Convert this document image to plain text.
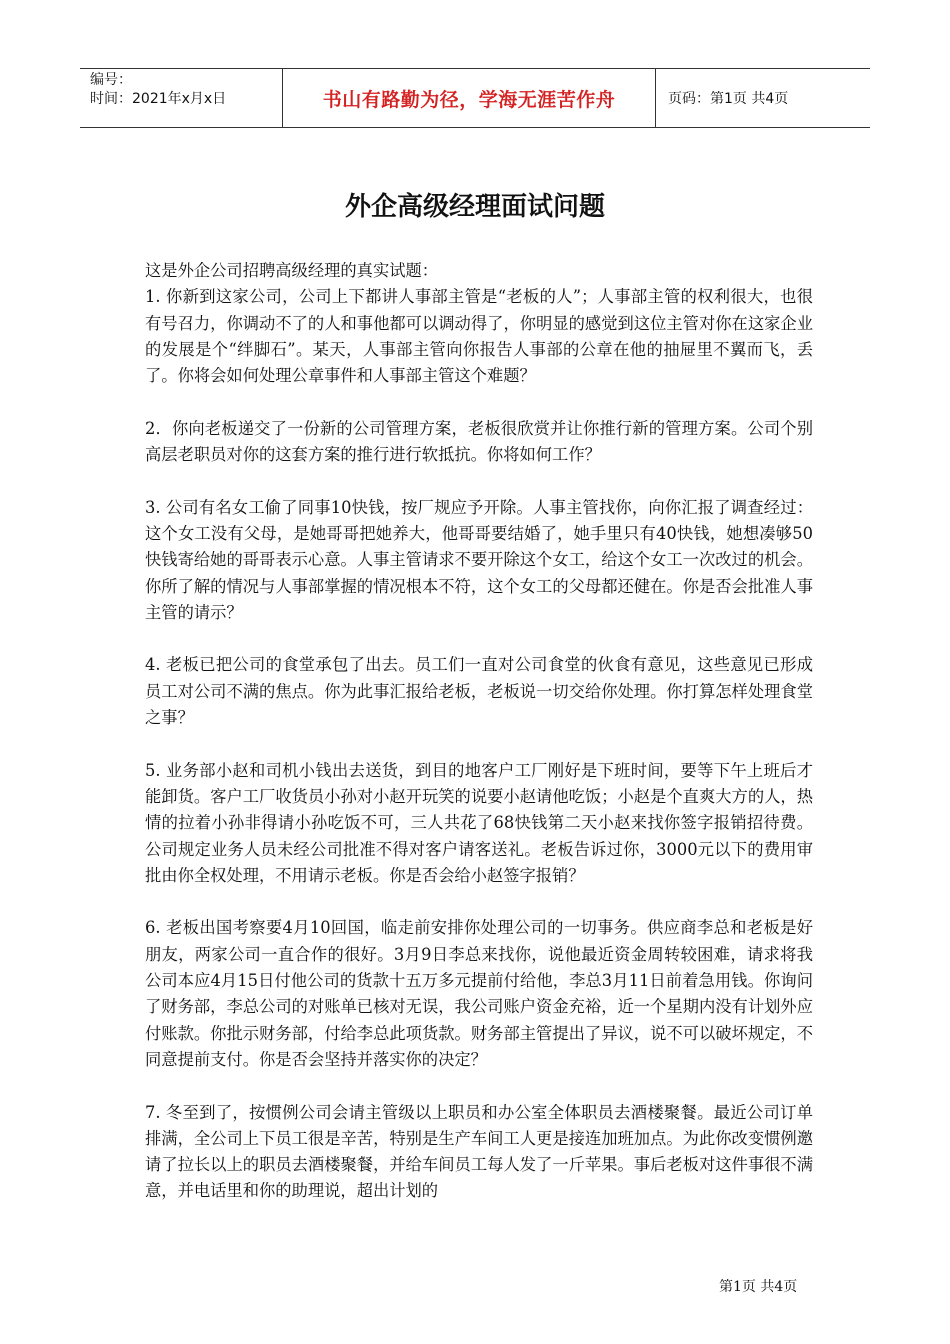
编号：
时间：2021年x月x日	书山有路勤为径，学海无涯苦作舟	页码：第1页 共4页
外企高级经理面试问题

这是外企公司招聘高级经理的真实试题：

1. 你新到这家公司，公司上下都讲人事部主管是“老板的人”；人事部主管的权利很大，也很有号召力，你调动不了的人和事他都可以调动得了，你明显的感觉到这位主管对你在这家企业的发展是个“绊脚石”。某天，人事部主管向你报告人事部的公章在他的抽屉里不翼而飞，丢了。你将会如何处理公章事件和人事部主管这个难题？

2．你向老板递交了一份新的公司管理方案，老板很欣赏并让你推行新的管理方案。公司个别高层老职员对你的这套方案的推行进行软抵抗。你将如何工作？

3. 公司有名女工偷了同事10快钱，按厂规应予开除。人事主管找你，向你汇报了调查经过：这个女工没有父母，是她哥哥把她养大，他哥哥要结婚了，她手里只有40快钱，她想凑够50快钱寄给她的哥哥表示心意。人事主管请求不要开除这个女工，给这个女工一次改过的机会。你所了解的情况与人事部掌握的情况根本不符，这个女工的父母都还健在。你是否会批准人事主管的请示？

4. 老板已把公司的食堂承包了出去。员工们一直对公司食堂的伙食有意见，这些意见已形成员工对公司不满的焦点。你为此事汇报给老板，老板说一切交给你处理。你打算怎样处理食堂之事？

5. 业务部小赵和司机小钱出去送货，到目的地客户工厂刚好是下班时间，要等下午上班后才能卸货。客户工厂收货员小孙对小赵开玩笑的说要小赵请他吃饭；小赵是个直爽大方的人，热情的拉着小孙非得请小孙吃饭不可，三人共花了68快钱第二天小赵来找你签字报销招待费。公司规定业务人员未经公司批准不得对客户请客送礼。老板告诉过你，3000元以下的费用审批由你全权处理，不用请示老板。你是否会给小赵签字报销？

6. 老板出国考察要4月10回国，临走前安排你处理公司的一切事务。供应商李总和老板是好朋友，两家公司一直合作的很好。3月9日李总来找你，说他最近资金周转较困难，请求将我公司本应4月15日付他公司的货款十五万多元提前付给他，李总3月11日前着急用钱。你询问了财务部，李总公司的对账单已核对无误，我公司账户资金充裕，近一个星期内没有计划外应付账款。你批示财务部，付给李总此项货款。财务部主管提出了异议，说不可以破坏规定，不同意提前支付。你是否会坚持并落实你的决定？

7. 冬至到了，按惯例公司会请主管级以上职员和办公室全体职员去酒楼聚餐。最近公司订单排满，全公司上下员工很是辛苦，特别是生产车间工人更是接连加班加点。为此你改变惯例邀请了拉长以上的职员去酒楼聚餐，并给车间员工每人发了一斤苹果。事后老板对这件事很不满意，并电话里和你的助理说，超出计划的

第1页 共4页
